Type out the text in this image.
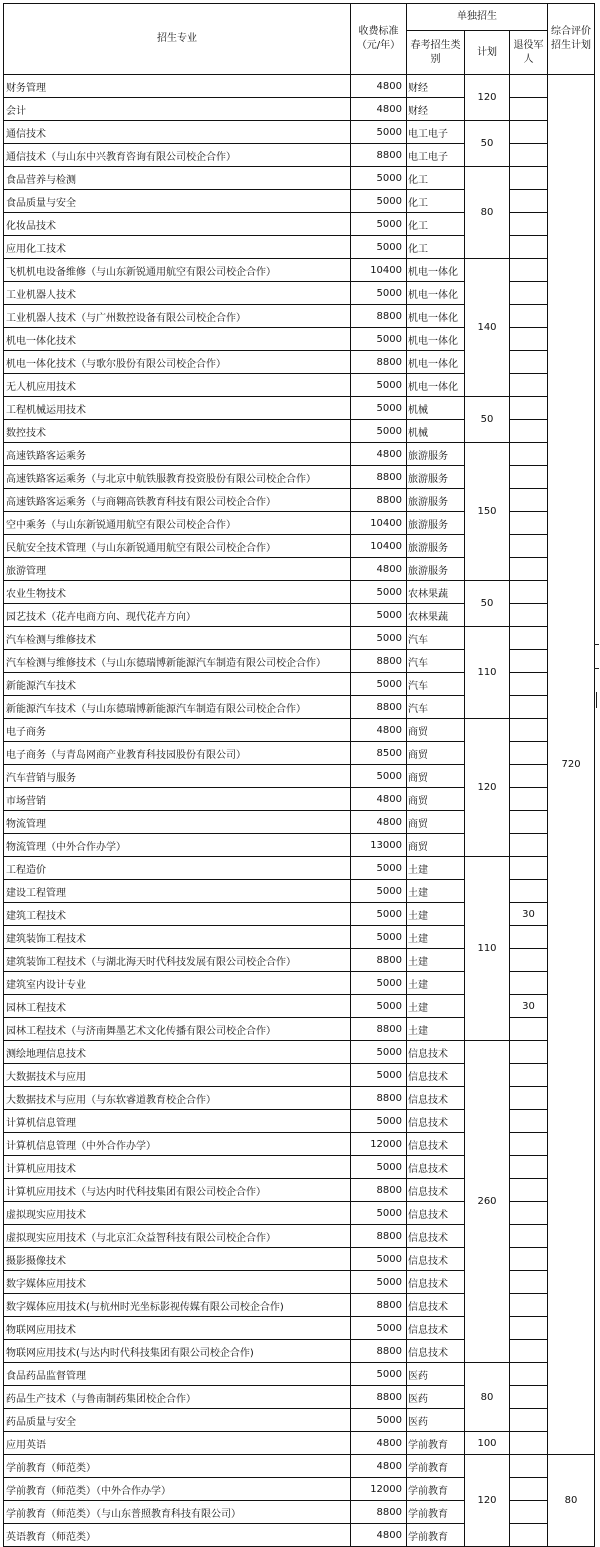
招生专业	收费标准（元/年）	单独招生			综合评价招生计划
		春考招生类别	计划	退役军人	
财务管理	4800	财经	120		720
会计	4800	财经			
通信技术	5000	电工电子	50		
通信技术（与山东中兴教育咨询有限公司校企合作）	8800	电工电子			
食品营养与检测	5000	化工	80		
食品质量与安全	5000	化工			
化妆品技术	5000	化工			
应用化工技术	5000	化工			
飞机机电设备维修（与山东新锐通用航空有限公司校企合作）	10400	机电一体化	140		
工业机器人技术	5000	机电一体化			
工业机器人技术（与广州数控设备有限公司校企合作）	8800	机电一体化			
机电一体化技术	5000	机电一体化			
机电一体化技术（与歌尔股份有限公司校企合作）	8800	机电一体化			
无人机应用技术	5000	机电一体化			
工程机械运用技术	5000	机械	50		
数控技术	5000	机械			
高速铁路客运乘务	4800	旅游服务	150		
高速铁路客运乘务（与北京中航铁服教育投资股份有限公司校企合作）	8800	旅游服务			
高速铁路客运乘务（与商翱高铁教育科技有限公司校企合作）	8800	旅游服务			
空中乘务（与山东新锐通用航空有限公司校企合作）	10400	旅游服务			
民航安全技术管理（与山东新锐通用航空有限公司校企合作）	10400	旅游服务			
旅游管理	4800	旅游服务			
农业生物技术	5000	农林果蔬	50		
园艺技术（花卉电商方向、现代花卉方向）	5000	农林果蔬			
汽车检测与维修技术	5000	汽车	110		
汽车检测与维修技术（与山东德瑞博新能源汽车制造有限公司校企合作）	8800	汽车			
新能源汽车技术	5000	汽车			
新能源汽车技术（与山东德瑞博新能源汽车制造有限公司校企合作）	8800	汽车			
电子商务	4800	商贸	120		
电子商务（与青岛网商产业教育科技园股份有限公司）	8500	商贸			
汽车营销与服务	5000	商贸			
市场营销	4800	商贸			
物流管理	4800	商贸			
物流管理（中外合作办学）	13000	商贸			
工程造价	5000	土建	110		
建设工程管理	5000	土建			
建筑工程技术	5000	土建		30	
建筑装饰工程技术	5000	土建			
建筑装饰工程技术（与湖北海天时代科技发展有限公司校企合作）	8800	土建			
建筑室内设计专业	5000	土建			
园林工程技术	5000	土建		30	
园林工程技术（与济南舞墨艺术文化传播有限公司校企合作）	8800	土建			
测绘地理信息技术	5000	信息技术	260		
大数据技术与应用	5000	信息技术			
大数据技术与应用（与东软睿道教育校企合作）	8800	信息技术			
计算机信息管理	5000	信息技术			
计算机信息管理（中外合作办学）	12000	信息技术			
计算机应用技术	5000	信息技术			
计算机应用技术（与达内时代科技集团有限公司校企合作）	8800	信息技术			
虚拟现实应用技术	5000	信息技术			
虚拟现实应用技术（与北京汇众益智科技有限公司校企合作）	8800	信息技术			
摄影摄像技术	5000	信息技术			
数字媒体应用技术	5000	信息技术			
数字媒体应用技术(与杭州时光坐标影视传媒有限公司校企合作)	8800	信息技术			
物联网应用技术	5000	信息技术			
物联网应用技术(与达内时代科技集团有限公司校企合作)	8800	信息技术			
食品药品监督管理	5000	医药	80		
药品生产技术（与鲁南制药集团校企合作）	8800	医药			
药品质量与安全	5000	医药			
应用英语	4800	学前教育	100		
学前教育（师范类）	4800	学前教育	120		80
学前教育（师范类）（中外合作办学）	12000	学前教育			
学前教育（师范类）（与山东普照教育科技有限公司）	8800	学前教育			
英语教育（师范类）	4800	学前教育			
